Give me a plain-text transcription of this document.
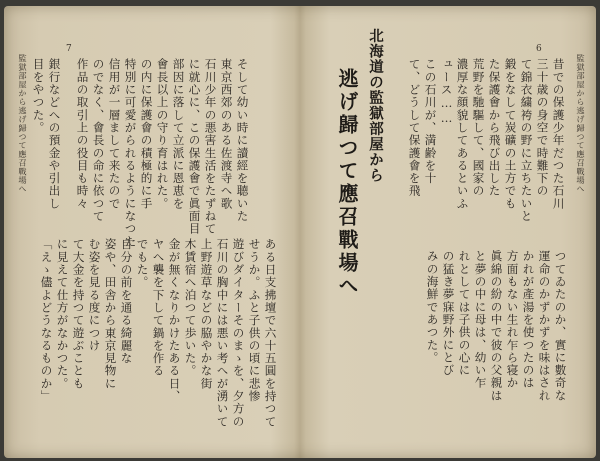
7
監獄部屋から逃げ歸つて應召戰場へ	そして幼い時に讀經を聴いた
東京西郊のある佐渡寺へ歌
石川少年の悪害生活をたずねて
に就心に、この保護會で眞面目
部因に落して立派に恩恵を
會長以上の守り育はれた。
の内に保護會の積極的に手
特別に可愛がられるようになつた
信用が一層まして来たので
のでなく、會長の命に依つて
作品の取引上の役目も時々
銀行などへの預金や引出し
目をやつた。
ある日支拂壇で六十五圓を持つて
せうか。ふと子供の頃に悲惨
遊びダイターそのまゝを、夕方の
石川の胸中には悪い考へが湧いて
上野遊草などの脇やかな街
木賃宿へ泊つて歩いた。
金が無くなりかけたある日、
ヤへ襲を下して鍋を作る
でもた。
自分の前を通る綺麗な
姿や、田舎から東京見物に
む姿を見る度につけ
て大金を持つて遊ぶことも
に見えて仕方がなかつた。
「えゝ儘よどうなるものか」
6
監獄部屋から逃げ歸つて應召戰場へ
昔での保護少年だつた石川
三十歳の身空で時難下の
て錦衣繍袴の野に立ちたいと
鍛をなして炭礦の土方でも
た保護會から飛び出した
荒野を馳驅して、國家の
濃厚な顔貌してあるといふ
ュース……
この石川が、満齢を十
て、どうして保護會を飛
北海道の監獄部屋から
逃げ歸つて應召戰場へ
つてゐたのか、實に數奇な
運命のかずかずを味はされ
かれが產湯を使つたのは
方面もない生れ乍ら寝か
眞綿の紛の中で彼の父親は
と夢の中に母は、幼い乍
れとしては子供の心に
の猛き夢寐野外にとび
みの海鮮であつた。
